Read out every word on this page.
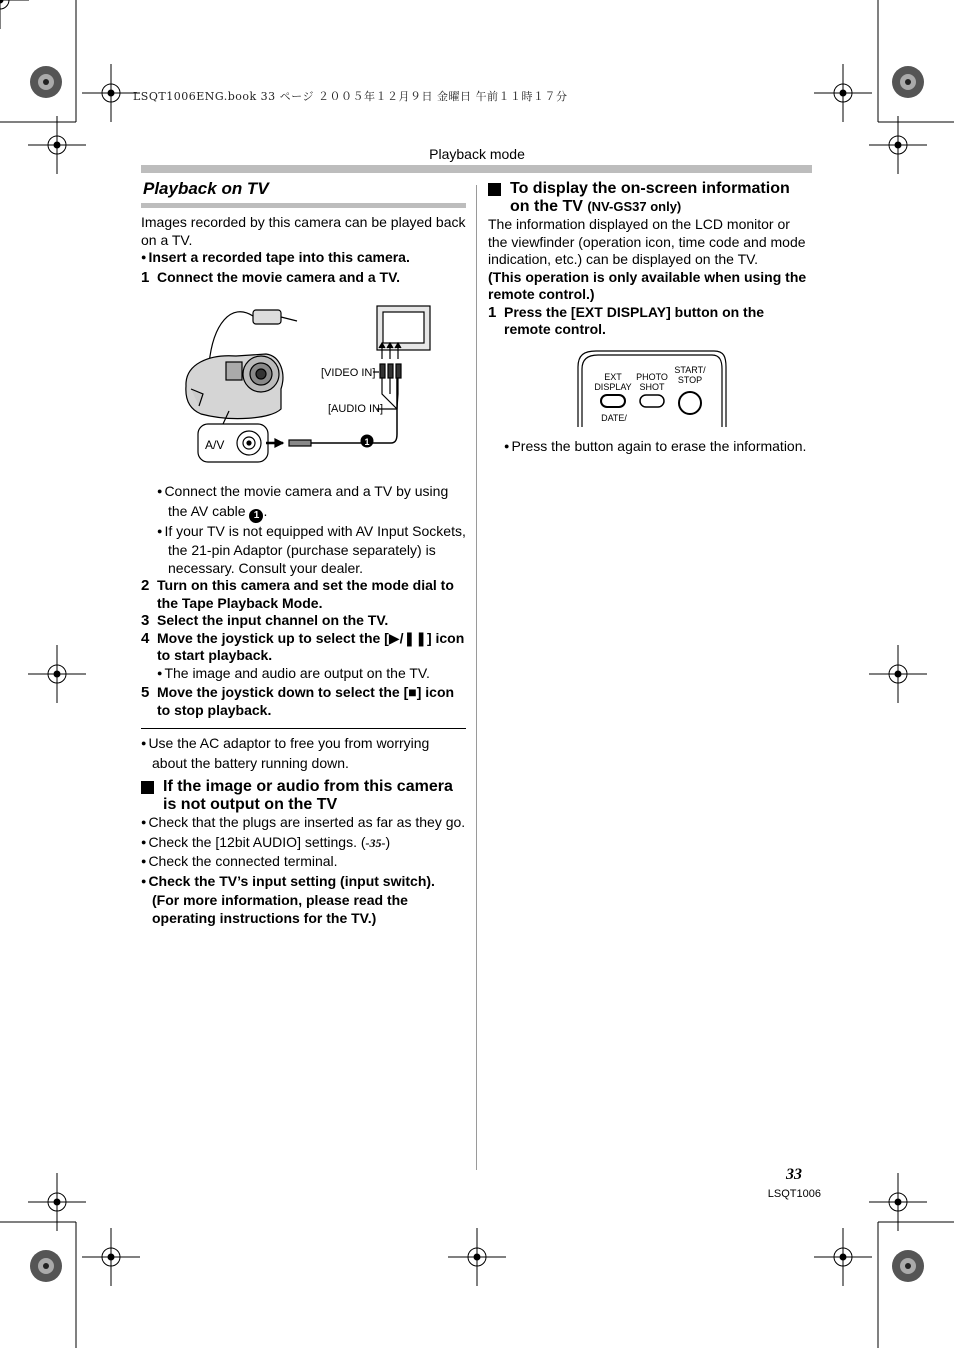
LSQT1006ENG.book 33 ページ ２００５年１２月９日 金曜日 午前１１時１７分
Playback mode
Playback on TV

Images recorded by this camera can be played back on a TV.

● Insert a recorded tape into this camera.

1 Connect the movie camera and a TV.
[VIDEO IN]
[AUDIO IN]
A/V	1

● Connect the movie camera and a TV by using the AV cable 1 .

● If your TV is not equipped with AV Input Sockets, the 21-pin Adaptor (purchase separately) is necessary. Consult your dealer.

2 Turn on this camera and set the mode dial to the Tape Playback Mode.
3 Select the input channel on the TV.
4 Move the joystick up to select the [▶/❚❚] icon to start playback.

● The image and audio are output on the TV.

5 Move the joystick down to select the [■] icon to stop playback.

● Use the AC adaptor to free you from worrying about the battery running down.

If the image or audio from this camera is not output on the TV

● Check that the plugs are inserted as far as they go.

● Check the [12bit AUDIO] settings. (-35-)

● Check the connected terminal.

● Check the TV’s input setting (input switch). (For more information, please read the operating instructions for the TV.)

To display the on-screen information on the TV (NV-GS37 only)

The information displayed on the LCD monitor or the viewfinder (operation icon, time code and mode indication, etc.) can be displayed on the TV.

(This operation is only available when using the remote control.)

1 Press the [EXT DISPLAY] button on the remote control.
EXT
DISPLAY
PHOTO
SHOT
START/
STOP
DATE/

● Press the button again to erase the information.

33
LSQT1006
